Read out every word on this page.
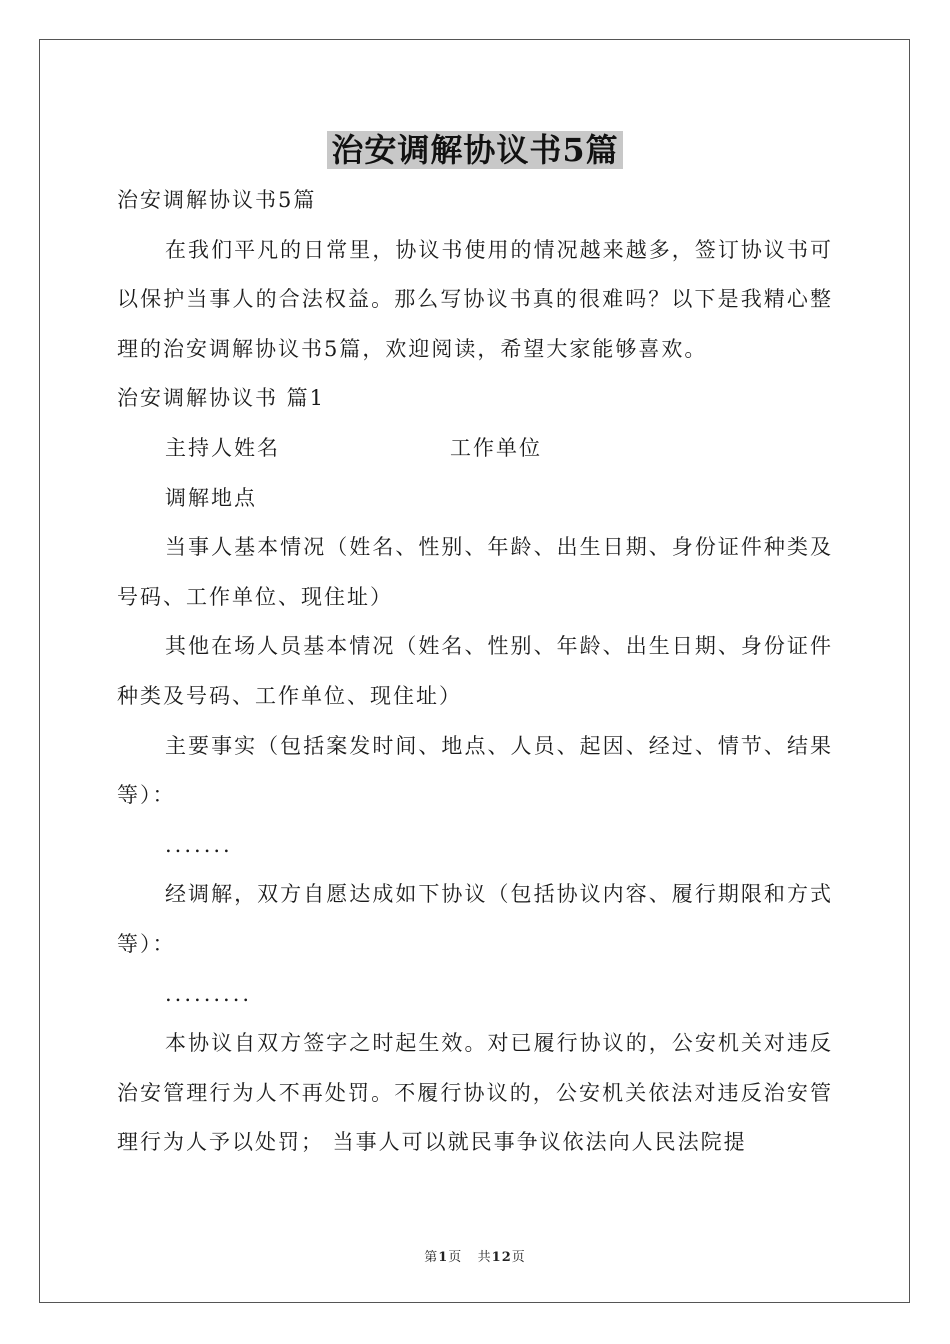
治安调解协议书5篇

治安调解协议书5篇

在我们平凡的日常里，协议书使用的情况越来越多，签订协议书可以保护当事人的合法权益。那么写协议书真的很难吗？以下是我精心整理的治安调解协议书5篇，欢迎阅读，希望大家能够喜欢。

治安调解协议书 篇1

主持人姓名	工作单位

调解地点

当事人基本情况（姓名、性别、年龄、出生日期、身份证件种类及号码、工作单位、现住址）

其他在场人员基本情况（姓名、性别、年龄、出生日期、身份证件种类及号码、工作单位、现住址）

主要事实（包括案发时间、地点、人员、起因、经过、情节、结果等）：

.......

经调解，双方自愿达成如下协议（包括协议内容、履行期限和方式等）：

.........

本协议自双方签字之时起生效。对已履行协议的，公安机关对违反治安管理行为人不再处罚。不履行协议的，公安机关依法对违反治安管理行为人予以处罚； 当事人可以就民事争议依法向人民法院提

第1页   共12页
